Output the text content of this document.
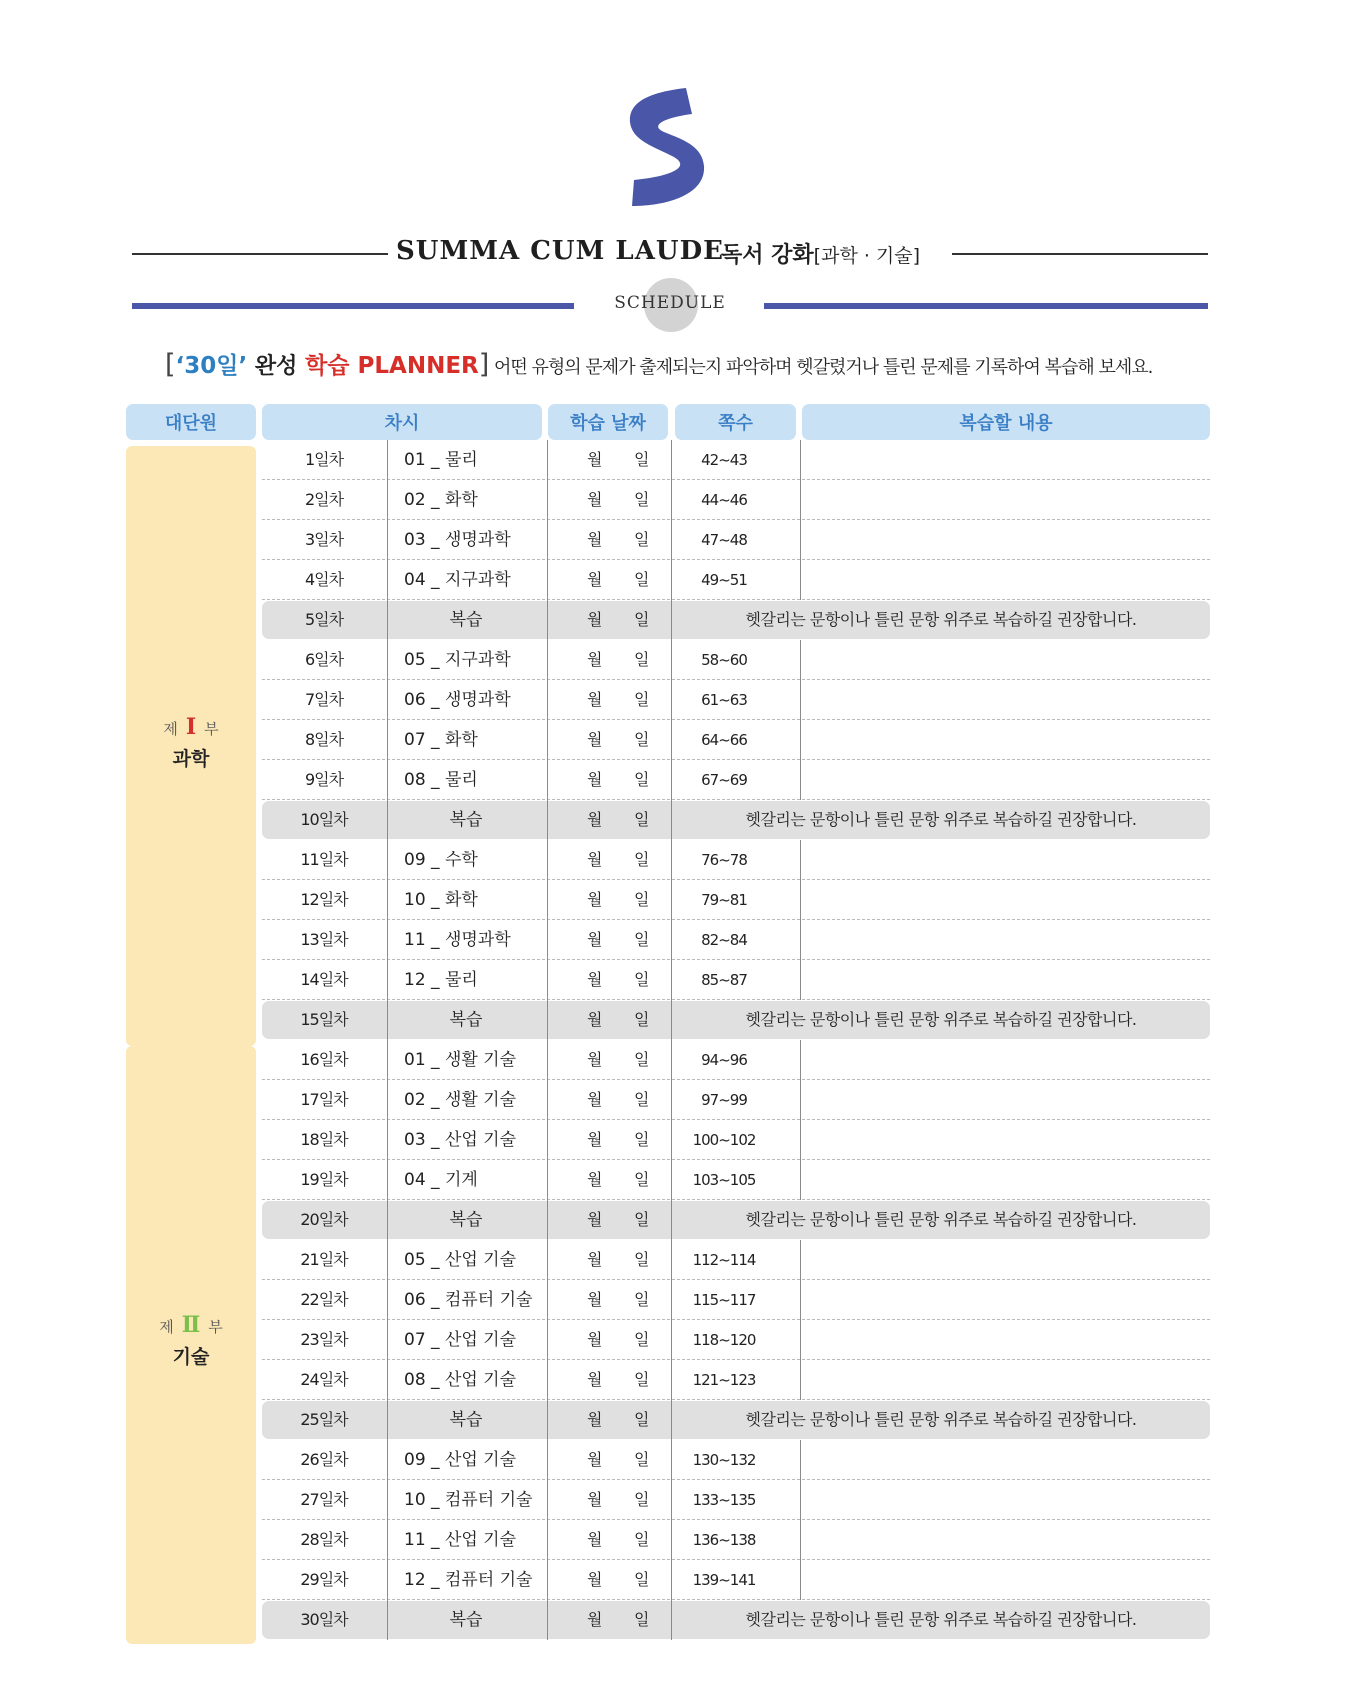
SUMMA CUM LAUDE
독서 강화[과학 · 기술]
SCHEDULE
[‘30일’ 완성 학습 PLANNER] 어떤 유형의 문제가 출제되는지 파악하며 헷갈렸거나 틀린 문제를 기록하여 복습해 보세요.
대단원	차시	학습 날짜	쪽수	복습할 내용
제 Ⅰ 부
과학
제 Ⅱ 부
기술
1일차	01 _ 물리	월	일	42~43
2일차	02 _ 화학	월	일	44~46
3일차	03 _ 생명과학	월	일	47~48
4일차	04 _ 지구과학	월	일	49~51
5일차	복습	월	일	헷갈리는 문항이나 틀린 문항 위주로 복습하길 권장합니다.
6일차	05 _ 지구과학	월	일	58~60
7일차	06 _ 생명과학	월	일	61~63
8일차	07 _ 화학	월	일	64~66
9일차	08 _ 물리	월	일	67~69
10일차	복습	월	일	헷갈리는 문항이나 틀린 문항 위주로 복습하길 권장합니다.
11일차	09 _ 수학	월	일	76~78
12일차	10 _ 화학	월	일	79~81
13일차	11 _ 생명과학	월	일	82~84
14일차	12 _ 물리	월	일	85~87
15일차	복습	월	일	헷갈리는 문항이나 틀린 문항 위주로 복습하길 권장합니다.
16일차	01 _ 생활 기술	월	일	94~96
17일차	02 _ 생활 기술	월	일	97~99
18일차	03 _ 산업 기술	월	일	100~102
19일차	04 _ 기계	월	일	103~105
20일차	복습	월	일	헷갈리는 문항이나 틀린 문항 위주로 복습하길 권장합니다.
21일차	05 _ 산업 기술	월	일	112~114
22일차	06 _ 컴퓨터 기술	월	일	115~117
23일차	07 _ 산업 기술	월	일	118~120
24일차	08 _ 산업 기술	월	일	121~123
25일차	복습	월	일	헷갈리는 문항이나 틀린 문항 위주로 복습하길 권장합니다.
26일차	09 _ 산업 기술	월	일	130~132
27일차	10 _ 컴퓨터 기술	월	일	133~135
28일차	11 _ 산업 기술	월	일	136~138
29일차	12 _ 컴퓨터 기술	월	일	139~141
30일차	복습	월	일	헷갈리는 문항이나 틀린 문항 위주로 복습하길 권장합니다.
